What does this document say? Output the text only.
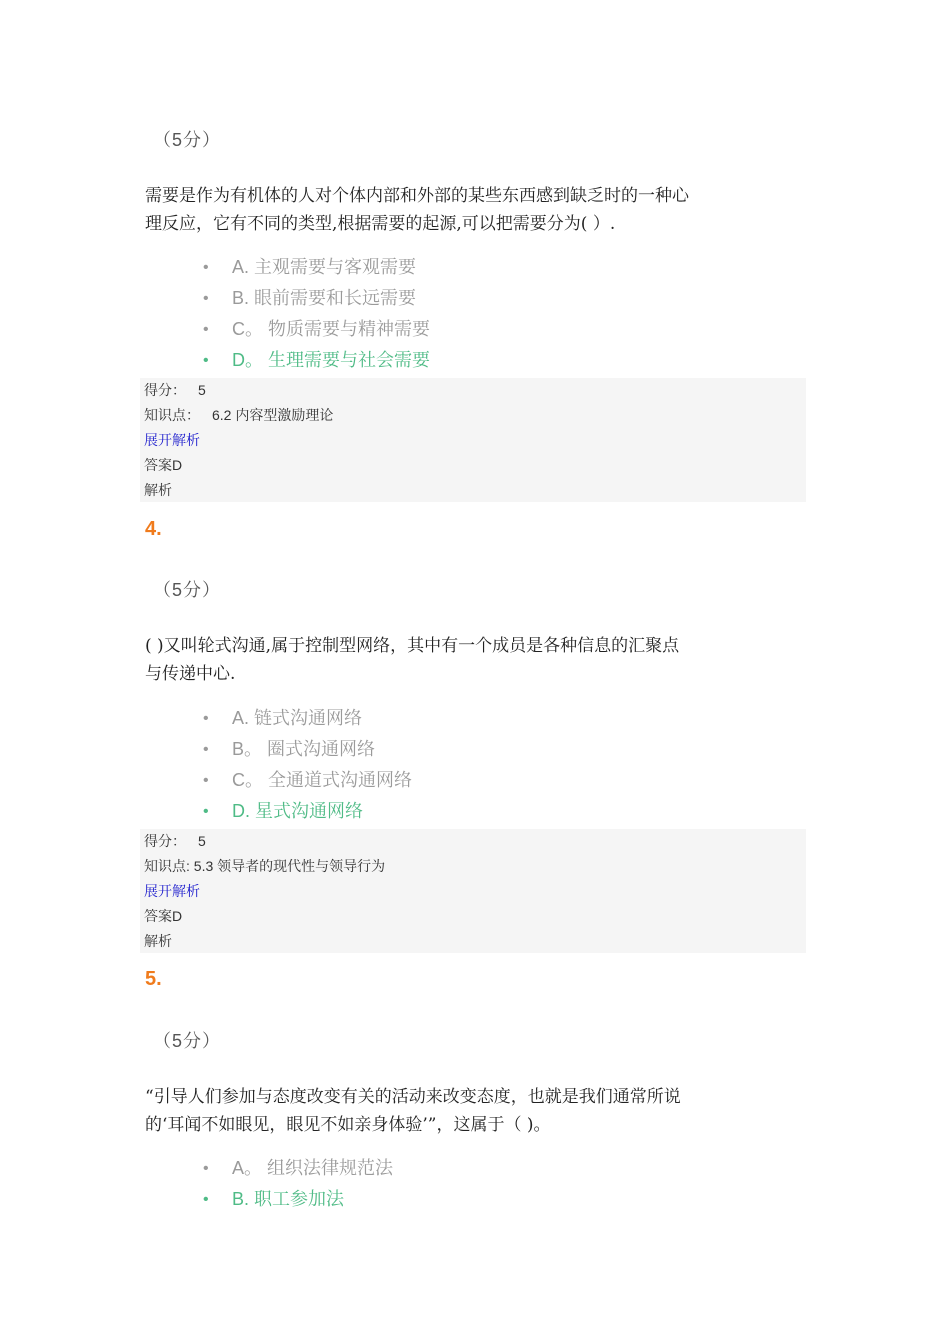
（5分）
需要是作为有机体的人对个体内部和外部的某些东西感到缺乏时的一种心
理反应，它有不同的类型,根据需要的起源,可以把需要分为( ）.
• A. 主观需要与客观需要
• B. 眼前需要和长远需要
• C。 物质需要与精神需要
• D。 生理需要与社会需要
得分： 5
知识点： 6.2 内容型激励理论
展开解析
答案D
解析
4.
（5分）
( )又叫轮式沟通,属于控制型网络，其中有一个成员是各种信息的汇聚点
与传递中心.
• A. 链式沟通网络
• B。 圈式沟通网络
• C。 全通道式沟通网络
• D. 星式沟通网络
得分： 5
知识点: 5.3 领导者的现代性与领导行为
展开解析
答案D
解析
5.
（5分）
“引导人们参加与态度改变有关的活动来改变态度，也就是我们通常所说
的‘耳闻不如眼见，眼见不如亲身体验’”，这属于（ )。
• A。 组织法律规范法
• B. 职工参加法
